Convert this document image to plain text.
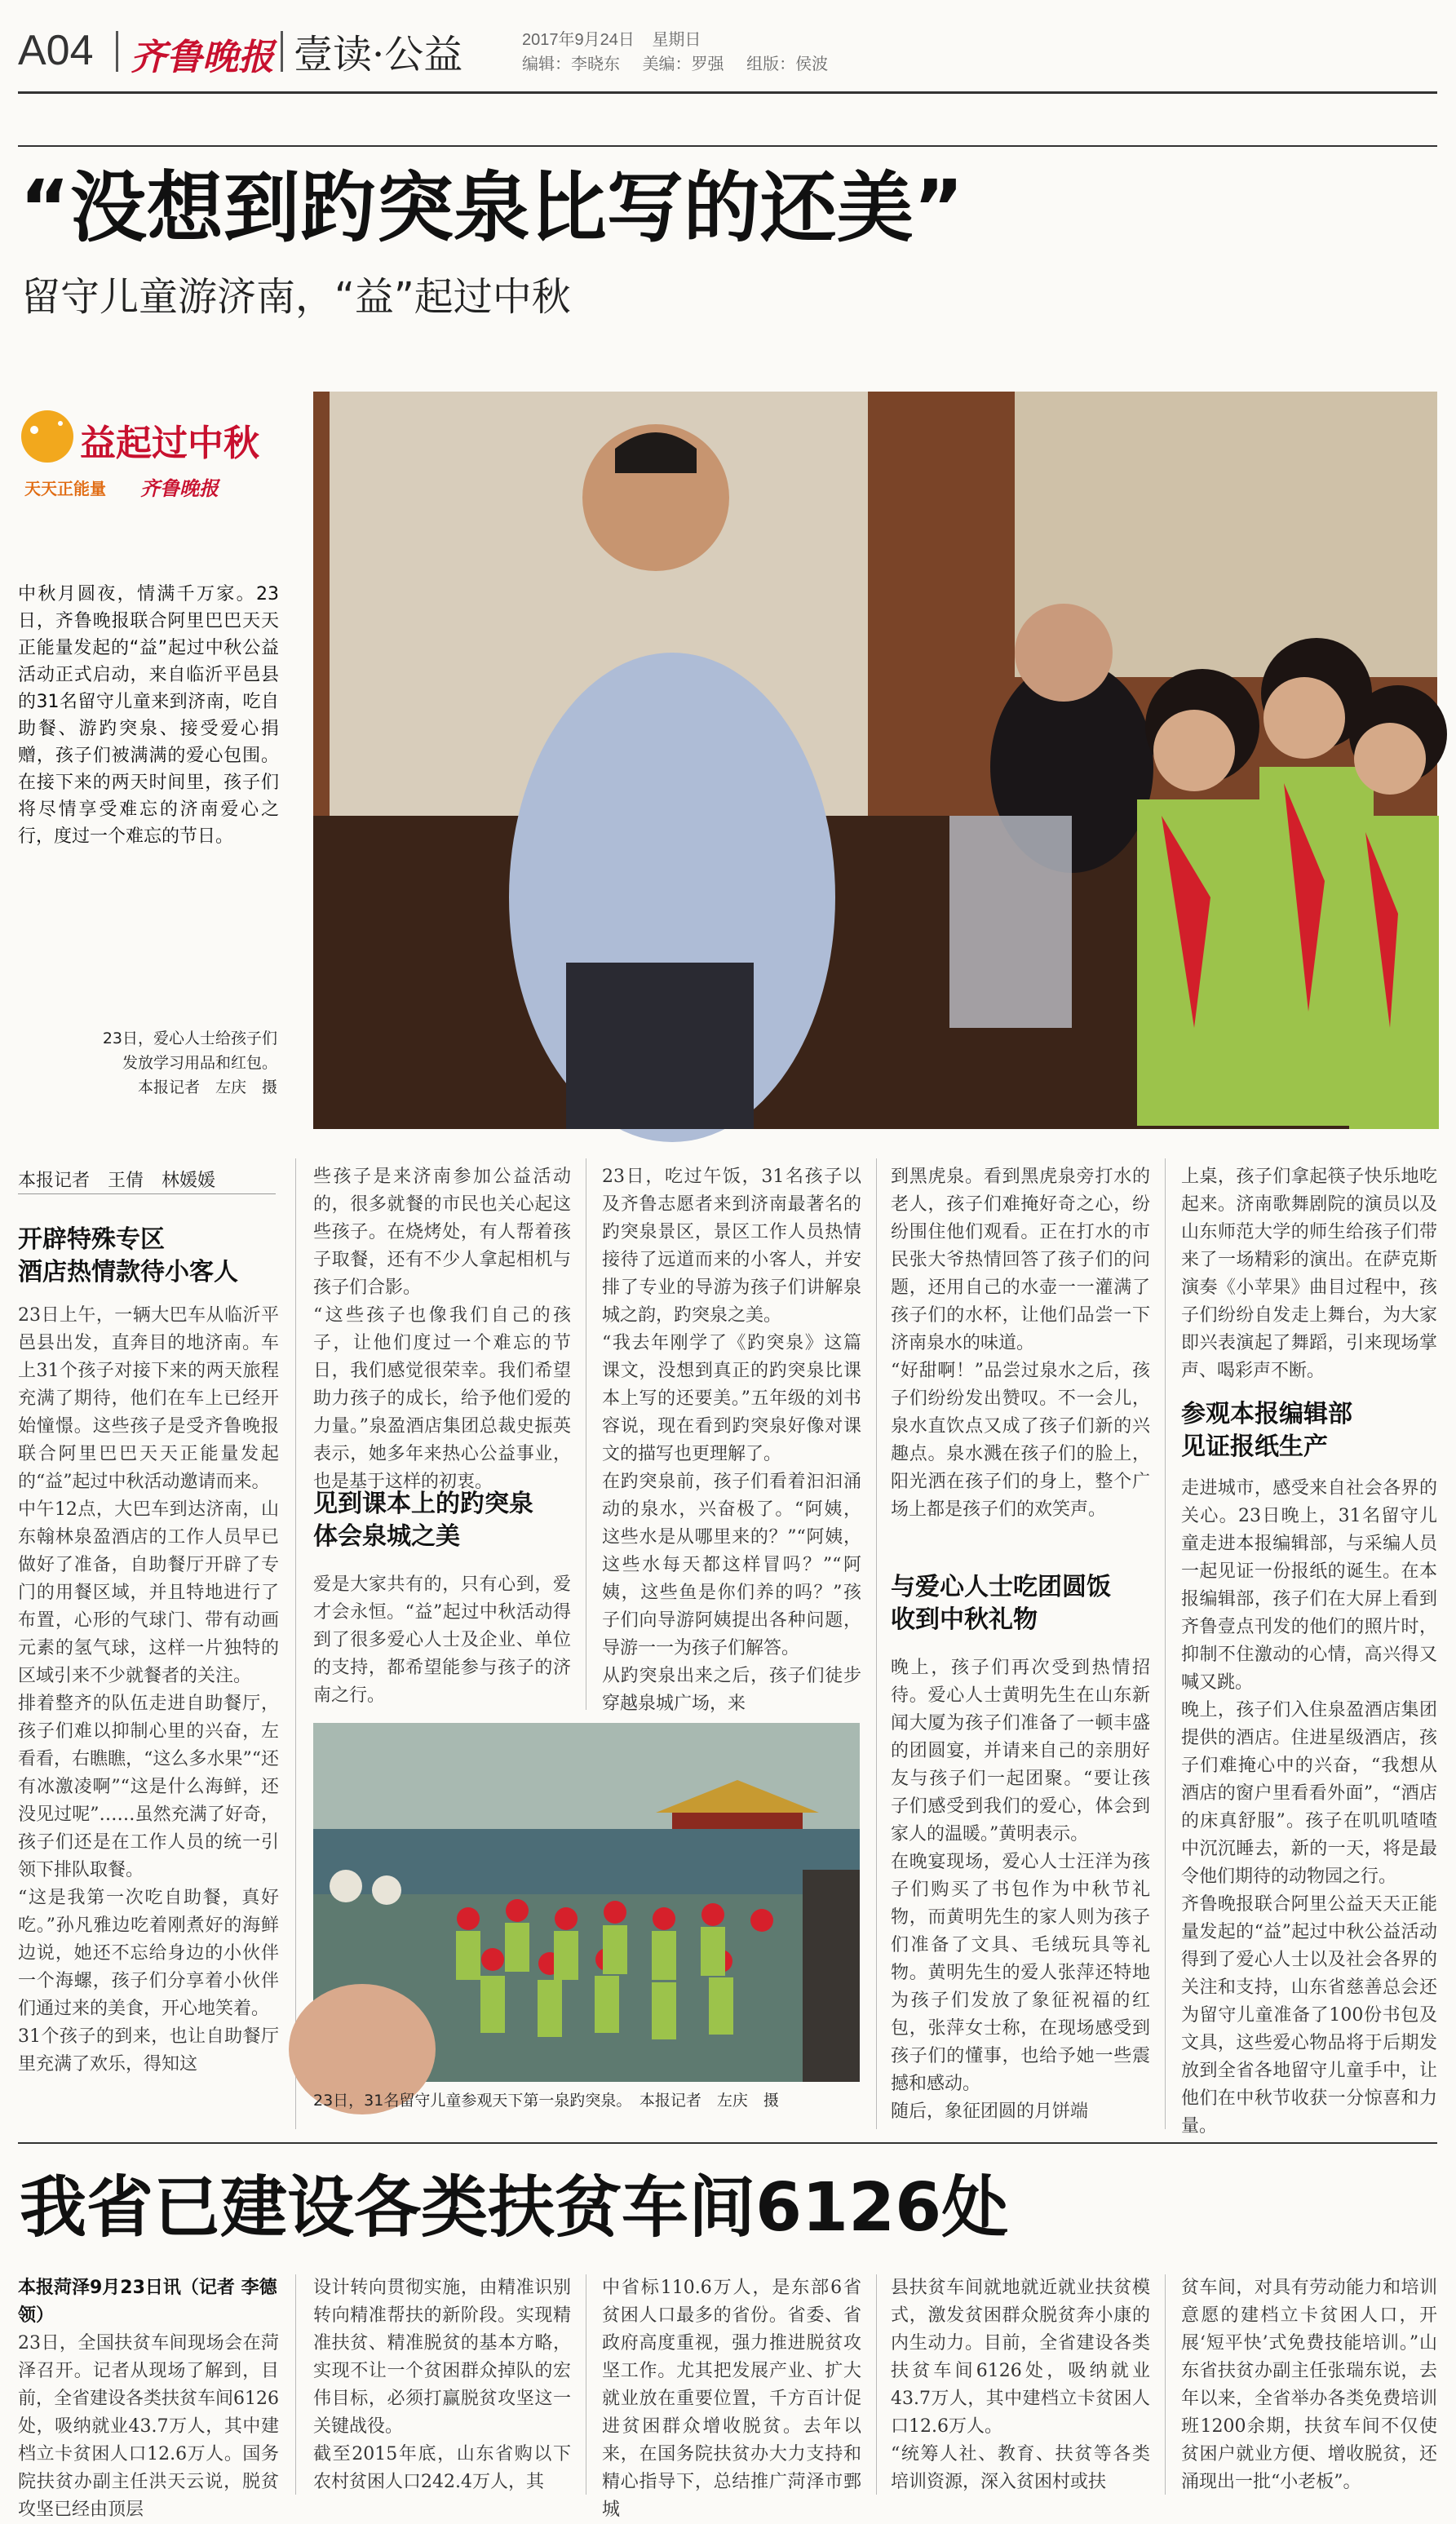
A04 齐鲁晚报 壹读·公益	2017年9月24日 星期日
编辑：李晓东 美编：罗强 组版：侯波
“没想到趵突泉比写的还美”
留守儿童游济南，“益”起过中秋
益起过中秋
天天正能量 齐鲁晚报
中秋月圆夜，情满千万家。23日，齐鲁晚报联合阿里巴巴天天正能量发起的“益”起过中秋公益活动正式启动，来自临沂平邑县的31名留守儿童来到济南，吃自助餐、游趵突泉、接受爱心捐赠，孩子们被满满的爱心包围。在接下来的两天时间里，孩子们将尽情享受难忘的济南爱心之行，度过一个难忘的节日。
23日，爱心人士给孩子们发放学习用品和红包。
本报记者　左庆　摄
本报记者　王倩　林媛媛
开辟特殊专区
酒店热情款待小客人
23日上午，一辆大巴车从临沂平邑县出发，直奔目的地济南。车上31个孩子对接下来的两天旅程充满了期待，他们在车上已经开始憧憬。这些孩子是受齐鲁晚报联合阿里巴巴天天正能量发起的“益”起过中秋活动邀请而来。
中午12点，大巴车到达济南，山东翰林泉盈酒店的工作人员早已做好了准备，自助餐厅开辟了专门的用餐区域，并且特地进行了布置，心形的气球门、带有动画元素的氢气球，这样一片独特的区域引来不少就餐者的关注。
排着整齐的队伍走进自助餐厅，孩子们难以抑制心里的兴奋，左看看，右瞧瞧，“这么多水果”“还有冰激凌啊”“这是什么海鲜，还没见过呢”……虽然充满了好奇，孩子们还是在工作人员的统一引领下排队取餐。
“这是我第一次吃自助餐，真好吃。”孙凡雅边吃着刚煮好的海鲜边说，她还不忘给身边的小伙伴一个海螺，孩子们分享着小伙伴们通过来的美食，开心地笑着。
31个孩子的到来，也让自助餐厅里充满了欢乐，得知这
些孩子是来济南参加公益活动的，很多就餐的市民也关心起这些孩子。在烧烤处，有人帮着孩子取餐，还有不少人拿起相机与孩子们合影。
“这些孩子也像我们自己的孩子，让他们度过一个难忘的节日，我们感觉很荣幸。我们希望助力孩子的成长，给予他们爱的力量。”泉盈酒店集团总裁史振英表示，她多年来热心公益事业，也是基于这样的初衷。
见到课本上的趵突泉
体会泉城之美
爱是大家共有的，只有心到，爱才会永恒。“益”起过中秋活动得到了很多爱心人士及企业、单位的支持，都希望能参与孩子的济南之行。
23日，吃过午饭，31名孩子以及齐鲁志愿者来到济南最著名的趵突泉景区，景区工作人员热情接待了远道而来的小客人，并安排了专业的导游为孩子们讲解泉城之韵，趵突泉之美。
“我去年刚学了《趵突泉》这篇课文，没想到真正的趵突泉比课本上写的还要美。”五年级的刘书容说，现在看到趵突泉好像对课文的描写也更理解了。
在趵突泉前，孩子们看着汩汩涌动的泉水，兴奋极了。“阿姨，这些水是从哪里来的？”“阿姨，这些水每天都这样冒吗？”“阿姨，这些鱼是你们养的吗？”孩子们向导游阿姨提出各种问题，导游一一为孩子们解答。
从趵突泉出来之后，孩子们徒步穿越泉城广场，来
23日，31名留守儿童参观天下第一泉趵突泉。　本报记者　左庆　摄
到黑虎泉。看到黑虎泉旁打水的老人，孩子们难掩好奇之心，纷纷围住他们观看。正在打水的市民张大爷热情回答了孩子们的问题，还用自己的水壶一一灌满了孩子们的水杯，让他们品尝一下济南泉水的味道。
“好甜啊！”品尝过泉水之后，孩子们纷纷发出赞叹。不一会儿，泉水直饮点又成了孩子们新的兴趣点。泉水溅在孩子们的脸上，阳光洒在孩子们的身上，整个广场上都是孩子们的欢笑声。
与爱心人士吃团圆饭
收到中秋礼物
晚上，孩子们再次受到热情招待。爱心人士黄明先生在山东新闻大厦为孩子们准备了一顿丰盛的团圆宴，并请来自己的亲朋好友与孩子们一起团聚。“要让孩子们感受到我们的爱心，体会到家人的温暖。”黄明表示。
在晚宴现场，爱心人士汪洋为孩子们购买了书包作为中秋节礼物，而黄明先生的家人则为孩子们准备了文具、毛绒玩具等礼物。黄明先生的爱人张萍还特地为孩子们发放了象征祝福的红包，张萍女士称，在现场感受到孩子们的懂事，也给予她一些震撼和感动。
随后，象征团圆的月饼端
上桌，孩子们拿起筷子快乐地吃起来。济南歌舞剧院的演员以及山东师范大学的师生给孩子们带来了一场精彩的演出。在萨克斯演奏《小苹果》曲目过程中，孩子们纷纷自发走上舞台，为大家即兴表演起了舞蹈，引来现场掌声、喝彩声不断。
参观本报编辑部
见证报纸生产
走进城市，感受来自社会各界的关心。23日晚上，31名留守儿童走进本报编辑部，与采编人员一起见证一份报纸的诞生。在本报编辑部，孩子们在大屏上看到齐鲁壹点刊发的他们的照片时，抑制不住激动的心情，高兴得又喊又跳。
晚上，孩子们入住泉盈酒店集团提供的酒店。住进星级酒店，孩子们难掩心中的兴奋，“我想从酒店的窗户里看看外面”，“酒店的床真舒服”。孩子在叽叽喳喳中沉沉睡去，新的一天，将是最令他们期待的动物园之行。
齐鲁晚报联合阿里公益天天正能量发起的“益”起过中秋公益活动得到了爱心人士以及社会各界的关注和支持，山东省慈善总会还为留守儿童准备了100份书包及文具，这些爱心物品将于后期发放到全省各地留守儿童手中，让他们在中秋节收获一分惊喜和力量。
我省已建设各类扶贫车间6126处
本报菏泽9月23日讯（记者 李德领）
23日，全国扶贫车间现场会在菏泽召开。记者从现场了解到，目前，全省建设各类扶贫车间6126处，吸纳就业43.7万人，其中建档立卡贫困人口12.6万人。国务院扶贫办副主任洪天云说，脱贫攻坚已经由顶层
设计转向贯彻实施，由精准识别转向精准帮扶的新阶段。实现精准扶贫、精准脱贫的基本方略，实现不让一个贫困群众掉队的宏伟目标，必须打赢脱贫攻坚这一关键战役。
截至2015年底，山东省购以下农村贫困人口242.4万人，其
中省标110.6万人，是东部6省贫困人口最多的省份。省委、省政府高度重视，强力推进脱贫攻坚工作。尤其把发展产业、扩大就业放在重要位置，千方百计促进贫困群众增收脱贫。去年以来，在国务院扶贫办大力支持和精心指导下，总结推广菏泽市鄄城
县扶贫车间就地就近就业扶贫模式，激发贫困群众脱贫奔小康的内生动力。目前，全省建设各类扶贫车间6126处，吸纳就业43.7万人，其中建档立卡贫困人口12.6万人。
“统筹人社、教育、扶贫等各类培训资源，深入贫困村或扶
贫车间，对具有劳动能力和培训意愿的建档立卡贫困人口，开展‘短平快’式免费技能培训。”山东省扶贫办副主任张瑞东说，去年以来，全省举办各类免费培训班1200余期，扶贫车间不仅使贫困户就业方便、增收脱贫，还涌现出一批“小老板”。
